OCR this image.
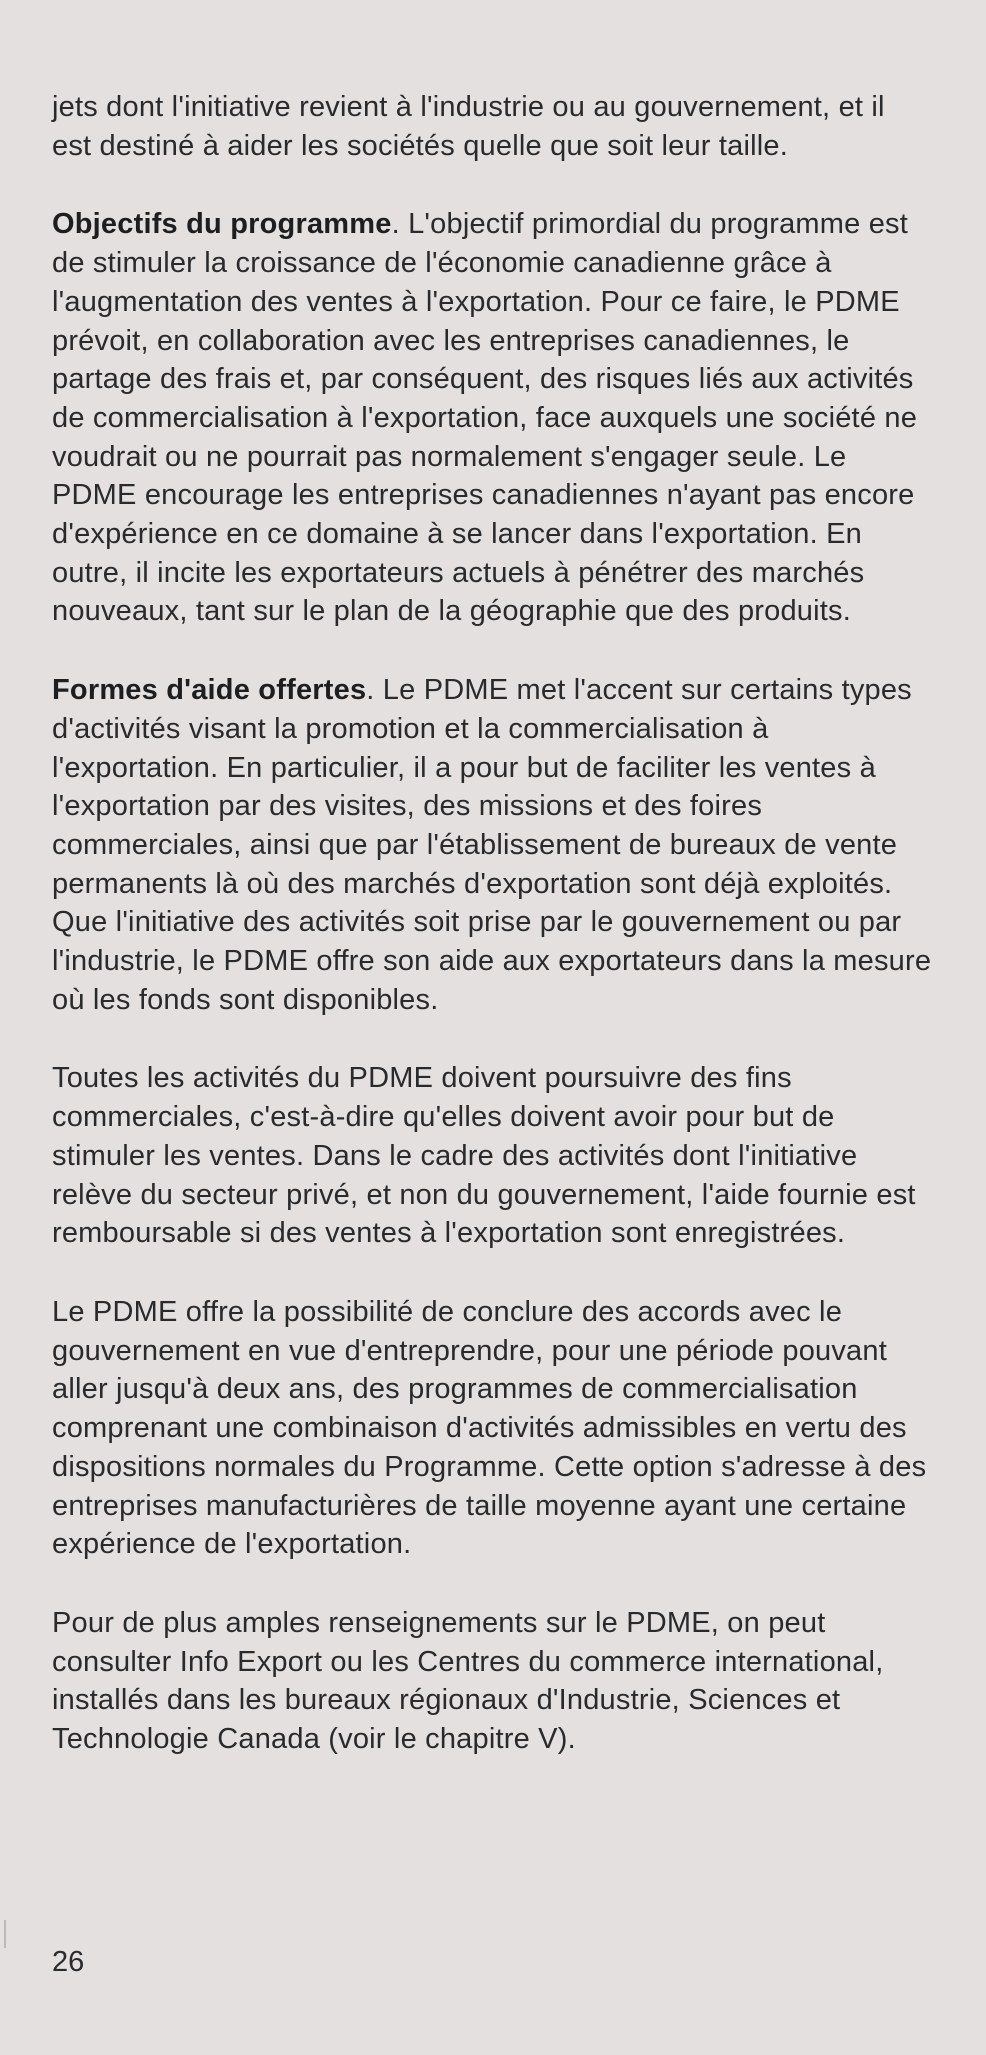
jets dont l'initiative revient à l'industrie ou au gouvernement, et il est destiné à aider les sociétés quelle que soit leur taille.

Objectifs du programme. L'objectif primordial du programme est de stimuler la croissance de l'économie canadienne grâce à l'augmentation des ventes à l'exportation. Pour ce faire, le PDME prévoit, en collaboration avec les entreprises canadiennes, le partage des frais et, par conséquent, des risques liés aux activités de commercialisation à l'exportation, face auxquels une société ne voudrait ou ne pourrait pas normalement s'engager seule. Le PDME encourage les entreprises canadiennes n'ayant pas encore d'expérience en ce domaine à se lancer dans l'exportation. En outre, il incite les exportateurs actuels à pénétrer des marchés nouveaux, tant sur le plan de la géographie que des produits.

Formes d'aide offertes. Le PDME met l'accent sur certains types d'activités visant la promotion et la commercialisation à l'exportation. En particulier, il a pour but de faciliter les ventes à l'exportation par des visites, des missions et des foires commerciales, ainsi que par l'établissement de bureaux de vente permanents là où des marchés d'exportation sont déjà exploités. Que l'initiative des activités soit prise par le gouvernement ou par l'industrie, le PDME offre son aide aux exportateurs dans la mesure où les fonds sont disponibles.

Toutes les activités du PDME doivent poursuivre des fins commerciales, c'est-à-dire qu'elles doivent avoir pour but de stimuler les ventes. Dans le cadre des activités dont l'initiative relève du secteur privé, et non du gouvernement, l'aide fournie est remboursable si des ventes à l'exportation sont enregistrées.

Le PDME offre la possibilité de conclure des accords avec le gouvernement en vue d'entreprendre, pour une période pouvant aller jusqu'à deux ans, des programmes de commercialisation comprenant une combinaison d'activités admissibles en vertu des dispositions normales du Programme. Cette option s'adresse à des entreprises manufacturières de taille moyenne ayant une certaine expérience de l'exportation.

Pour de plus amples renseignements sur le PDME, on peut consulter Info Export ou les Centres du commerce international, installés dans les bureaux régionaux d'Industrie, Sciences et Technologie Canada (voir le chapitre V).

26
